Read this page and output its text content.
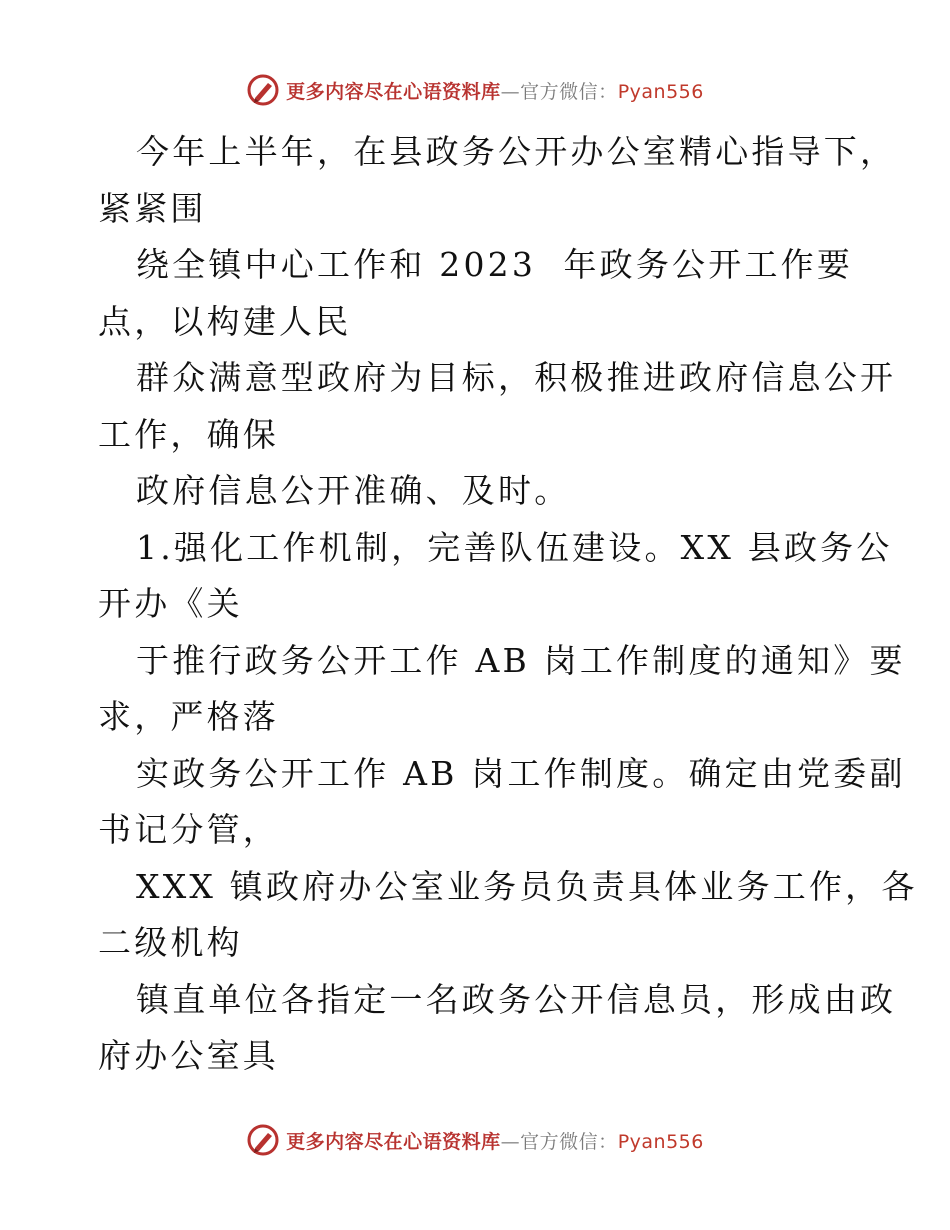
更多内容尽在心语资料库—官方微信：Pyan556
今年上半年，在县政务公开办公室精心指导下，
紧紧围
绕全镇中心工作和 2023  年政务公开工作要
点，以构建人民
群众满意型政府为目标，积极推进政府信息公开
工作，确保
政府信息公开准确、及时。
1.强化工作机制，完善队伍建设。XX 县政务公
开办《关
于推行政务公开工作 AB 岗工作制度的通知》要
求，严格落
实政务公开工作 AB 岗工作制度。确定由党委副
书记分管，
XXX 镇政府办公室业务员负责具体业务工作，各
二级机构
镇直单位各指定一名政务公开信息员，形成由政
府办公室具
更多内容尽在心语资料库—官方微信：Pyan556
